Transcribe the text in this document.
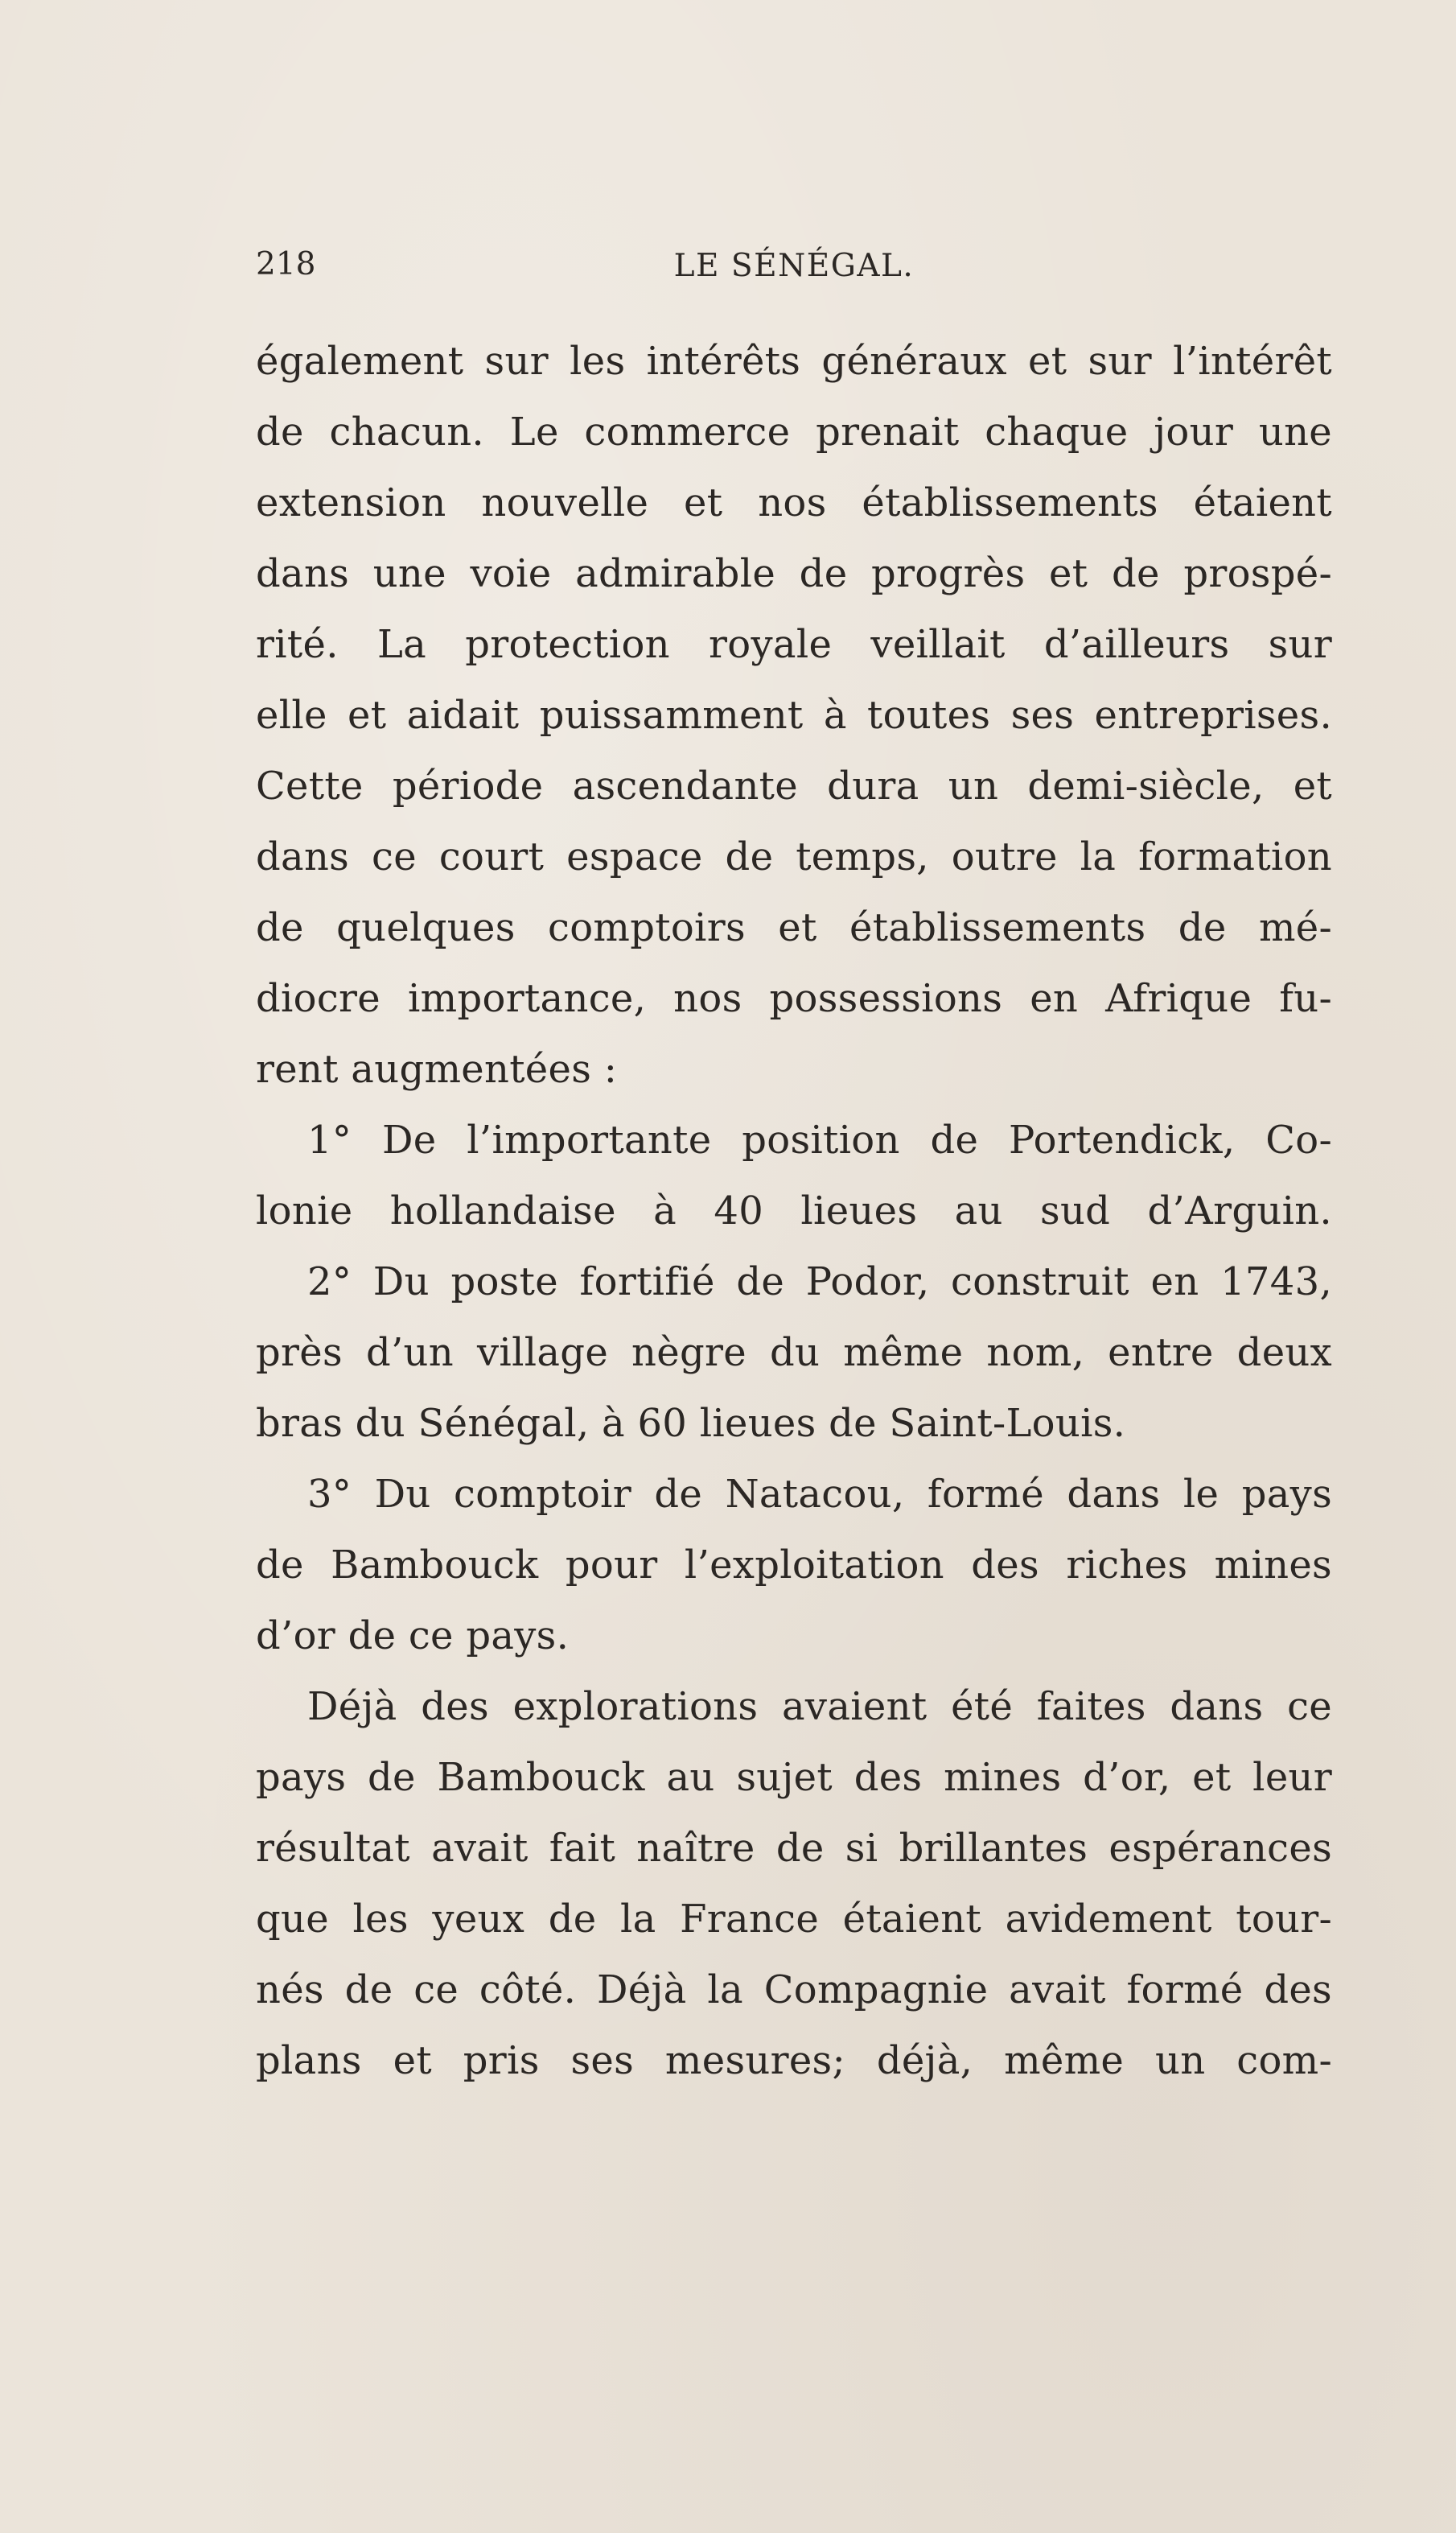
218	LE SÉNÉGAL.
également sur les intérêts généraux et sur l’intérêt
de chacun. Le commerce prenait chaque jour une
extension nouvelle et nos établissements étaient
dans une voie admirable de progrès et de prospé-
rité. La protection royale veillait d’ailleurs sur
elle et aidait puissamment à toutes ses entreprises.
Cette période ascendante dura un demi-siècle, et
dans ce court espace de temps, outre la formation
de quelques comptoirs et établissements de mé-
diocre importance, nos possessions en Afrique fu-
rent augmentées :
1° De l’importante position de Portendick, Co-
lonie hollandaise à 40 lieues au sud d’Arguin.
2° Du poste fortifié de Podor, construit en 1743,
près d’un village nègre du même nom, entre deux
bras du Sénégal, à 60 lieues de Saint-Louis.
3° Du comptoir de Natacou, formé dans le pays
de Bambouck pour l’exploitation des riches mines
d’or de ce pays.
Déjà des explorations avaient été faites dans ce
pays de Bambouck au sujet des mines d’or, et leur
résultat avait fait naître de si brillantes espérances
que les yeux de la France étaient avidement tour-
nés de ce côté. Déjà la Compagnie avait formé des
plans et pris ses mesures; déjà, même un com-
